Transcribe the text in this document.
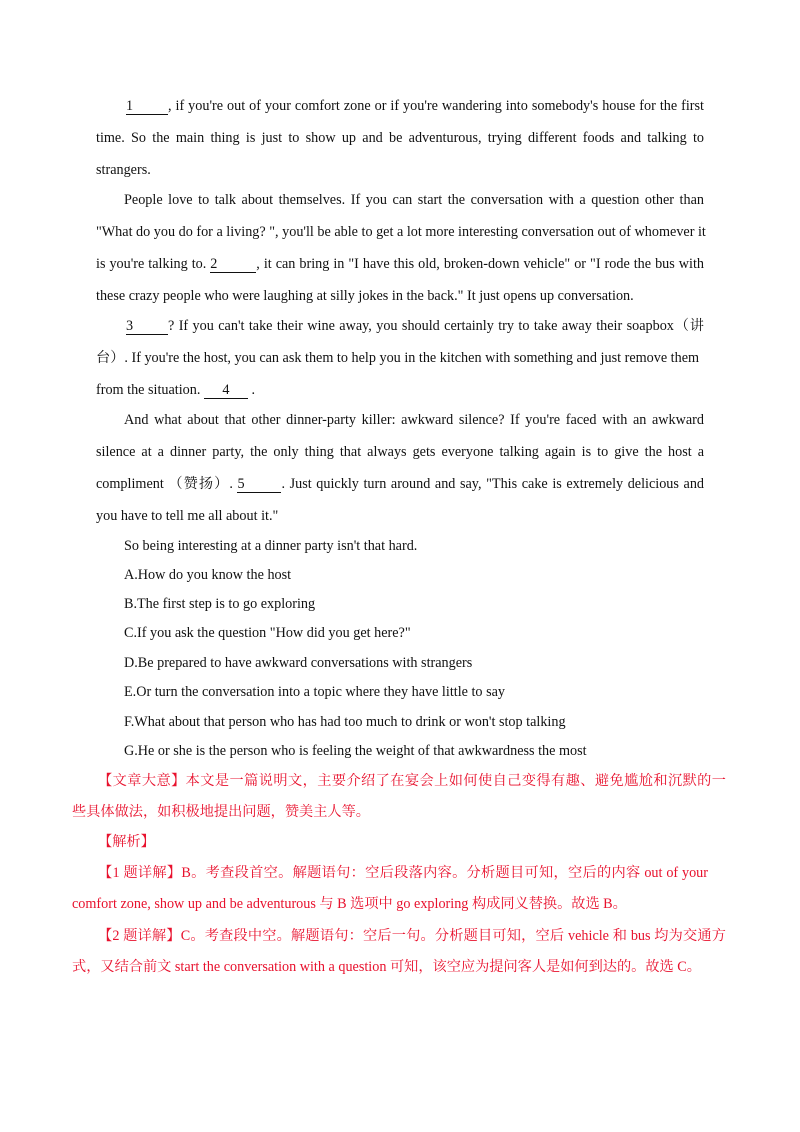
1 , if you're out of your comfort zone or if you're wandering into somebody's house for the first
time. So the main thing is just to show up and be adventurous, trying different foods and talking to
strangers.
People love to talk about themselves. If you can start the conversation with a question other than
"What do you do for a living? ", you'll be able to get a lot more interesting conversation out of whomever it
is you're talking to. 2	, it can bring in "I have this old, broken-down vehicle" or "I rode the bus with
these crazy people who were laughing at silly jokes in the back." It just opens up conversation.
3 ? If you can't take their wine away, you should certainly try to take away their soapbox（讲
台）. If you're the host, you can ask them to help you in the kitchen with something and just remove them
from the situation. 4 .
And what about that other dinner-party killer: awkward silence? If you're faced with an awkward
silence at a dinner party, the only thing that always gets everyone talking again is to give the host a
compliment （赞扬）. 5	. Just quickly turn around and say, "This cake is extremely delicious and
you have to tell me all about it."
So being interesting at a dinner party isn't that hard.
A.How do you know the host
B.The first step is to go exploring
C.If you ask the question "How did you get here?"
D.Be prepared to have awkward conversations with strangers
E.Or turn the conversation into a topic where they have little to say
F.What about that person who has had too much to drink or won't stop talking
G.He or she is the person who is feeling the weight of that awkwardness the most
【文章大意】本文是一篇说明文，主要介绍了在宴会上如何使自己变得有趣、避免尴尬和沉默的一
些具体做法，如积极地提出问题，赞美主人等。
【解析】
【1 题详解】B。考查段首空。解题语句：空后段落内容。分析题目可知，空后的内容 out of your
comfort zone, show up and be adventurous 与 B 选项中 go exploring 构成同义替换。故选 B。
【2 题详解】C。考查段中空。解题语句：空后一句。分析题目可知，空后 vehicle 和 bus 均为交通方
式，又结合前文 start the conversation with a question 可知，该空应为提问客人是如何到达的。故选 C。
